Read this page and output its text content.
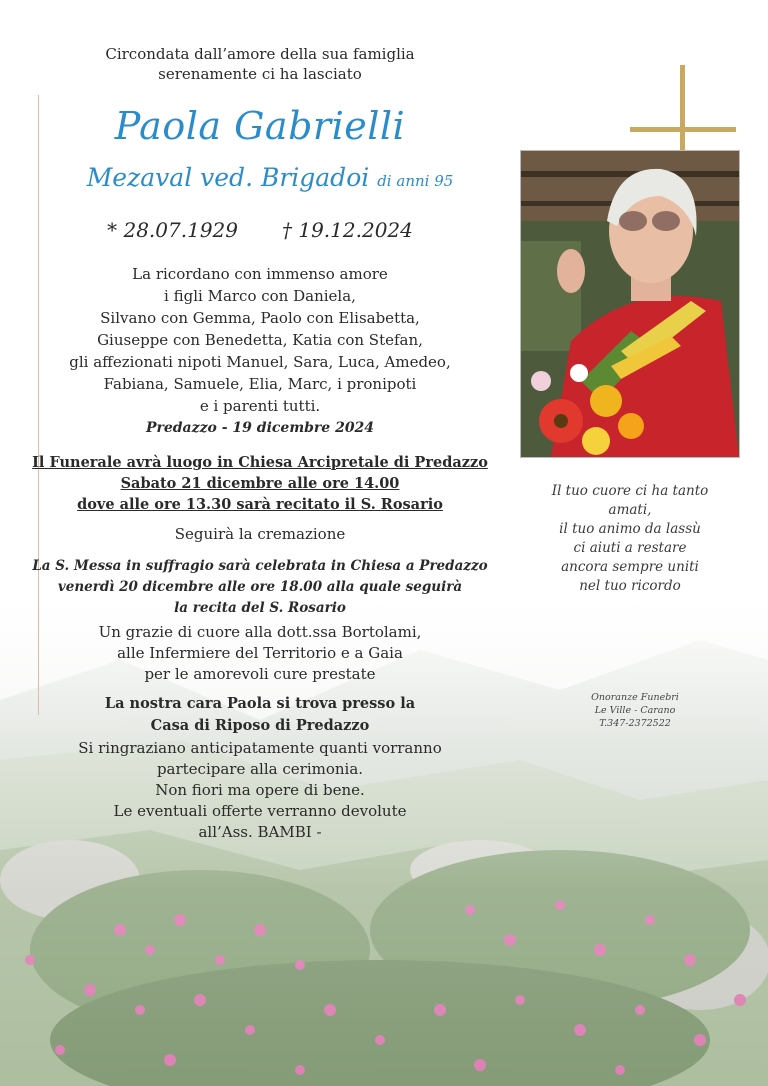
Circondata dall’amore della sua famiglia
serenamente ci ha lasciato
Paola Gabrielli
Mezaval ved. Brigadoi di anni 95
* 28.07.1929 † 19.12.2024
La ricordano con immenso amore
i figli Marco con Daniela,
Silvano con Gemma, Paolo con Elisabetta,
Giuseppe con Benedetta, Katia con Stefan,
gli affezionati nipoti Manuel, Sara, Luca, Amedeo,
Fabiana, Samuele, Elia, Marc, i pronipoti
e i parenti tutti.
Predazzo - 19 dicembre 2024
Il Funerale avrà luogo in Chiesa Arcipretale di Predazzo
Sabato 21 dicembre alle ore 14.00
dove alle ore 13.30 sarà recitato il S. Rosario
Seguirà la cremazione
La S. Messa in suffragio sarà celebrata in Chiesa a Predazzo
venerdì 20 dicembre alle ore 18.00 alla quale seguirà
la recita del S. Rosario
Un grazie di cuore alla dott.ssa Bortolami,
alle Infermiere del Territorio e a Gaia
per le amorevoli cure prestate
La nostra cara Paola si trova presso la
Casa di Riposo di Predazzo
Si ringraziano anticipatamente quanti vorranno
partecipare alla cerimonia.
Non fiori ma opere di bene.
Le eventuali offerte verranno devolute
all’Ass. BAMBI -
Il tuo cuore ci ha tanto
amati,
il tuo animo da lassù
ci aiuti a restare
ancora sempre uniti
nel tuo ricordo
Onoranze Funebri
Le Ville - Carano
T.347-2372522
